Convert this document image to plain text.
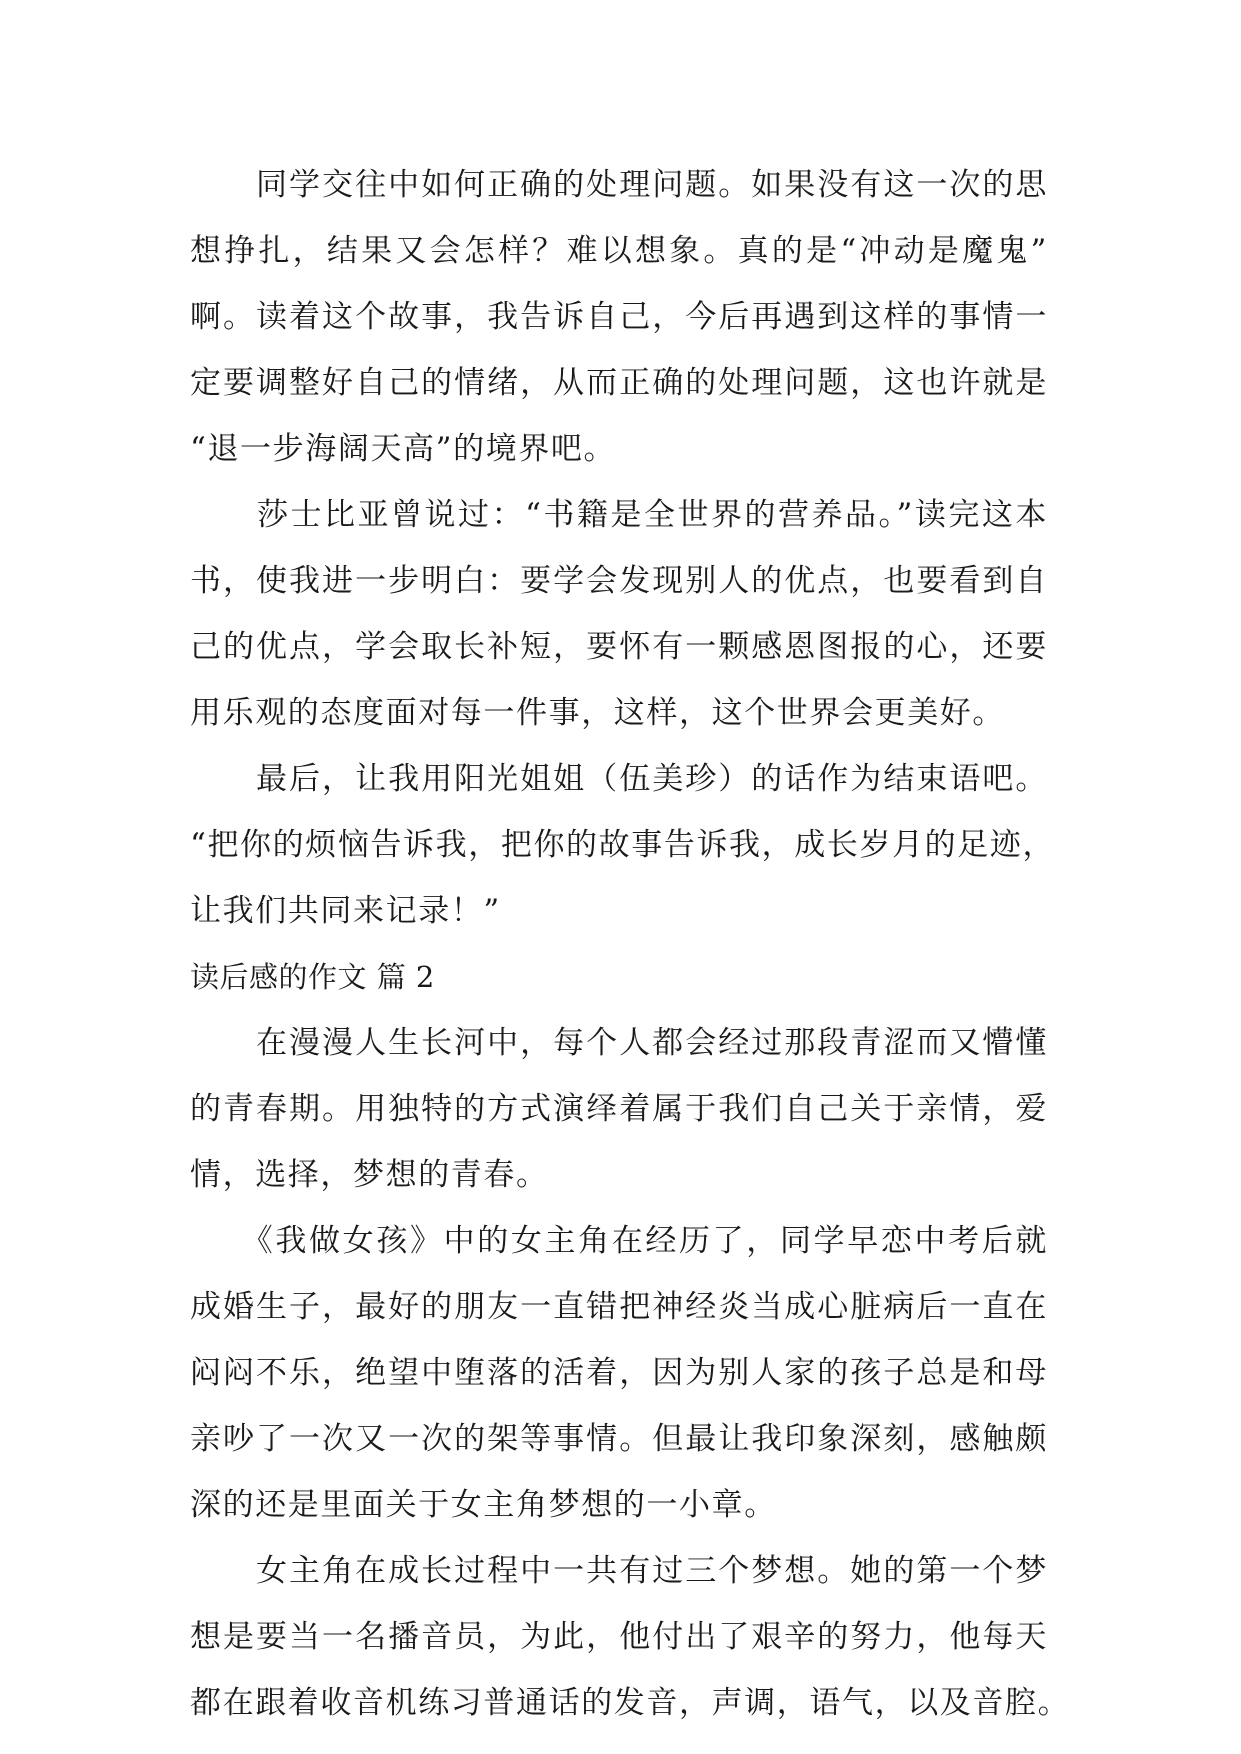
　　同学交往中如何正确的处理问题。如果没有这一次的思
想挣扎，结果又会怎样？难以想象。真的是“冲动是魔鬼”
啊。读着这个故事，我告诉自己，今后再遇到这样的事情一
定要调整好自己的情绪，从而正确的处理问题，这也许就是
“退一步海阔天高”的境界吧。
　　莎士比亚曾说过：“书籍是全世界的营养品。”读完这本
书，使我进一步明白：要学会发现别人的优点，也要看到自
己的优点，学会取长补短，要怀有一颗感恩图报的心，还要
用乐观的态度面对每一件事，这样，这个世界会更美好。
　　最后，让我用阳光姐姐（伍美珍）的话作为结束语吧。
“把你的烦恼告诉我，把你的故事告诉我，成长岁月的足迹，
让我们共同来记录！”
读后感的作文 篇 2
　　在漫漫人生长河中，每个人都会经过那段青涩而又懵懂
的青春期。用独特的方式演绎着属于我们自己关于亲情，爱
情，选择，梦想的青春。
　　《我做女孩》中的女主角在经历了，同学早恋中考后就
成婚生子，最好的朋友一直错把神经炎当成心脏病后一直在
闷闷不乐，绝望中堕落的活着，因为别人家的孩子总是和母
亲吵了一次又一次的架等事情。但最让我印象深刻，感触颇
深的还是里面关于女主角梦想的一小章。
　　女主角在成长过程中一共有过三个梦想。她的第一个梦
想是要当一名播音员，为此，他付出了艰辛的努力，他每天
都在跟着收音机练习普通话的发音，声调，语气，以及音腔。
